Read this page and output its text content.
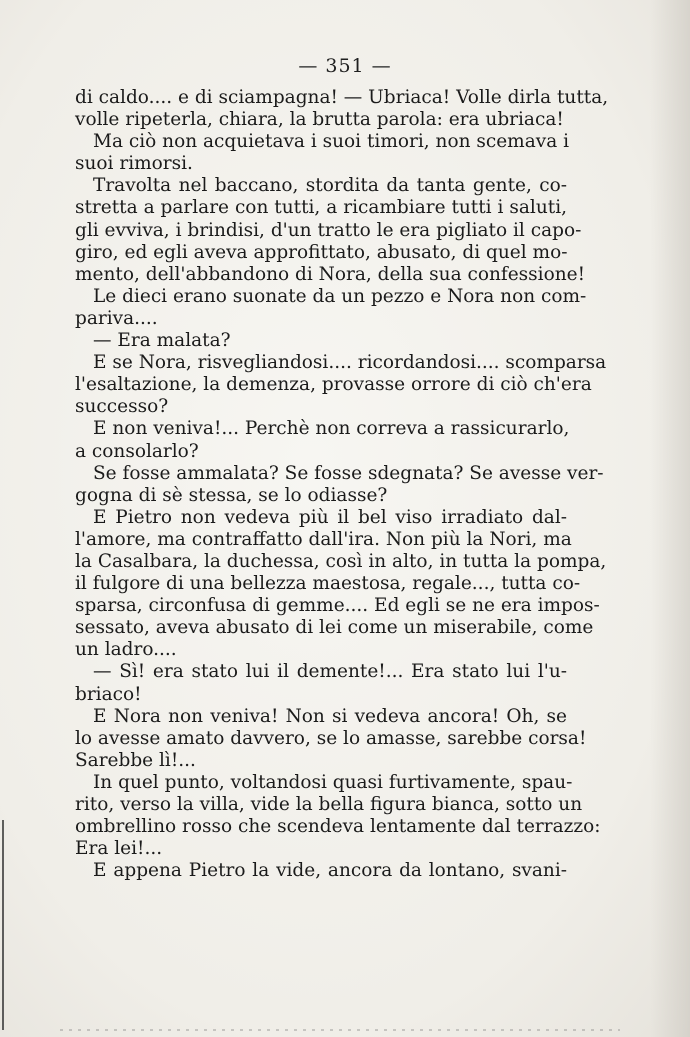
— 351 —
di caldo.... e di sciampagna! — Ubriaca! Volle dirla tutta,
volle ripeterla, chiara, la brutta parola: era ubriaca!
Ma ciò non acquietava i suoi timori, non scemava i
suoi rimorsi.
Travolta nel baccano, stordita da tanta gente, co-
stretta a parlare con tutti, a ricambiare tutti i saluti,
gli evviva, i brindisi, d'un tratto le era pigliato il capo-
giro, ed egli aveva approfittato, abusato, di quel mo-
mento, dell'abbandono di Nora, della sua confessione!
Le dieci erano suonate da un pezzo e Nora non com-
pariva....
— Era malata?
E se Nora, risvegliandosi.... ricordandosi.... scomparsa
l'esaltazione, la demenza, provasse orrore di ciò ch'era
successo?
E non veniva!... Perchè non correva a rassicurarlo,
a consolarlo?
Se fosse ammalata? Se fosse sdegnata? Se avesse ver-
gogna di sè stessa, se lo odiasse?
E Pietro non vedeva più il bel viso irradiato dal-
l'amore, ma contraffatto dall'ira. Non più la Nori, ma
la Casalbara, la duchessa, così in alto, in tutta la pompa,
il fulgore di una bellezza maestosa, regale..., tutta co-
sparsa, circonfusa di gemme.... Ed egli se ne era impos-
sessato, aveva abusato di lei come un miserabile, come
un ladro....
— Sì! era stato lui il demente!... Era stato lui l'u-
briaco!
E Nora non veniva! Non si vedeva ancora! Oh, se
lo avesse amato davvero, se lo amasse, sarebbe corsa!
Sarebbe lì!...
In quel punto, voltandosi quasi furtivamente, spau-
rito, verso la villa, vide la bella figura bianca, sotto un
ombrellino rosso che scendeva lentamente dal terrazzo:
Era lei!...
E appena Pietro la vide, ancora da lontano, svani-
